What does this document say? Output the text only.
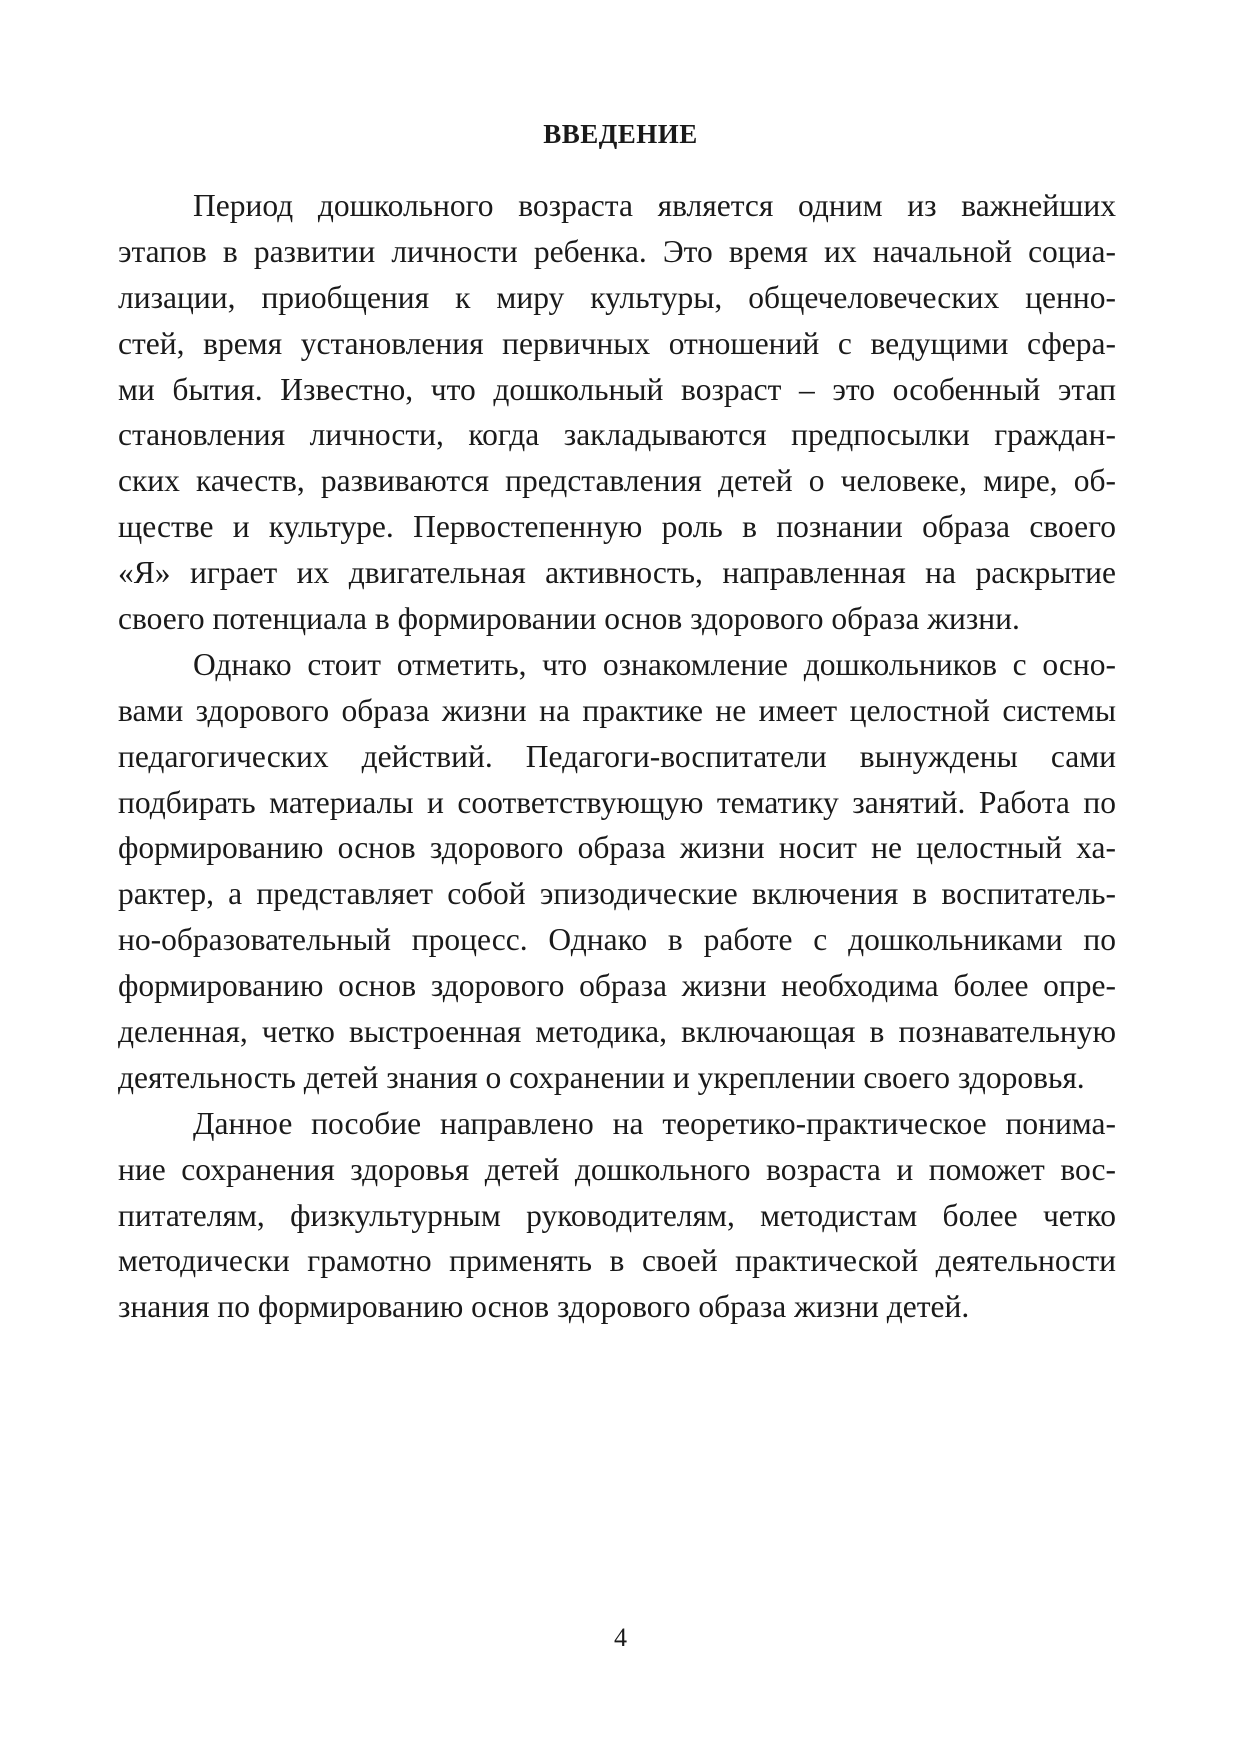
ВВЕДЕНИЕ
Период дошкольного возраста является одним из важнейших
этапов в развитии личности ребенка. Это время их начальной социа-
лизации, приобщения к миру культуры, общечеловеческих ценно-
стей, время установления первичных отношений с ведущими сфера-
ми бытия. Известно, что дошкольный возраст – это особенный этап
становления личности, когда закладываются предпосылки граждан-
ских качеств, развиваются представления детей о человеке, мире, об-
ществе и культуре. Первостепенную роль в познании образа своего
«Я» играет их двигательная активность, направленная на раскрытие
своего потенциала в формировании основ здорового образа жизни.
Однако стоит отметить, что ознакомление дошкольников с осно-
вами здорового образа жизни на практике не имеет целостной системы
педагогических действий. Педагоги-воспитатели вынуждены сами
подбирать материалы и соответствующую тематику занятий. Работа по
формированию основ здорового образа жизни носит не целостный ха-
рактер, а представляет собой эпизодические включения в воспитатель-
но-образовательный процесс. Однако в работе с дошкольниками по
формированию основ здорового образа жизни необходима более опре-
деленная, четко выстроенная методика, включающая в познавательную
деятельность детей знания о сохранении и укреплении своего здоровья.
Данное пособие направлено на теоретико-практическое понима-
ние сохранения здоровья детей дошкольного возраста и поможет вос-
питателям, физкультурным руководителям, методистам более четко
методически грамотно применять в своей практической деятельности
знания по формированию основ здорового образа жизни детей.

4
